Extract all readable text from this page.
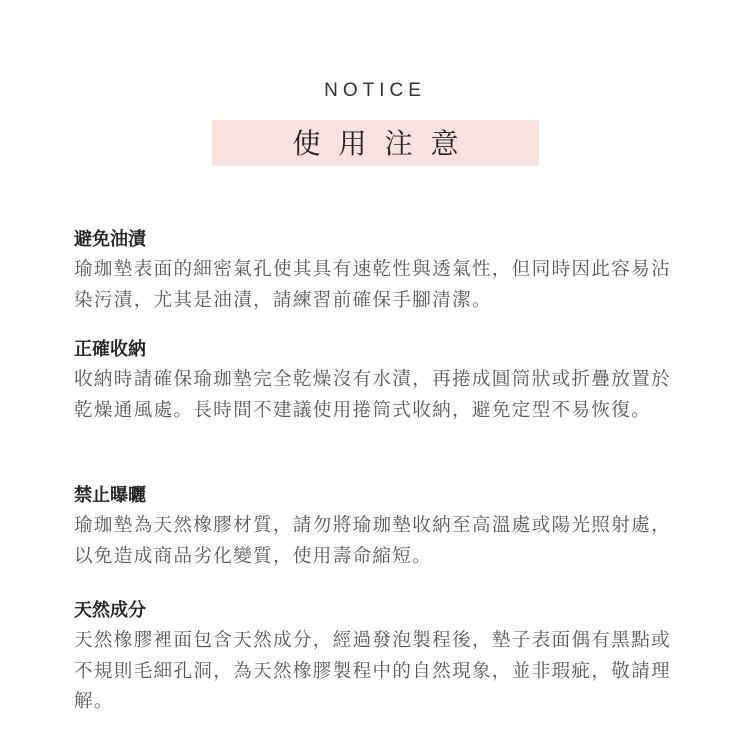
NOTICE
使用注意

避免油漬

瑜珈墊表面的細密氣孔使其具有速乾性與透氣性，但同時因此容易沾染污漬，尤其是油漬，請練習前確保手腳清潔。

正確收納

收納時請確保瑜珈墊完全乾燥沒有水漬，再捲成圓筒狀或折疊放置於乾燥通風處。長時間不建議使用捲筒式收納，避免定型不易恢復。

禁止曝曬

瑜珈墊為天然橡膠材質，請勿將瑜珈墊收納至高溫處或陽光照射處，以免造成商品劣化變質，使用壽命縮短。

天然成分

天然橡膠裡面包含天然成分，經過發泡製程後，墊子表面偶有黑點或不規則毛細孔洞，為天然橡膠製程中的自然現象，並非瑕疵，敬請理解。
